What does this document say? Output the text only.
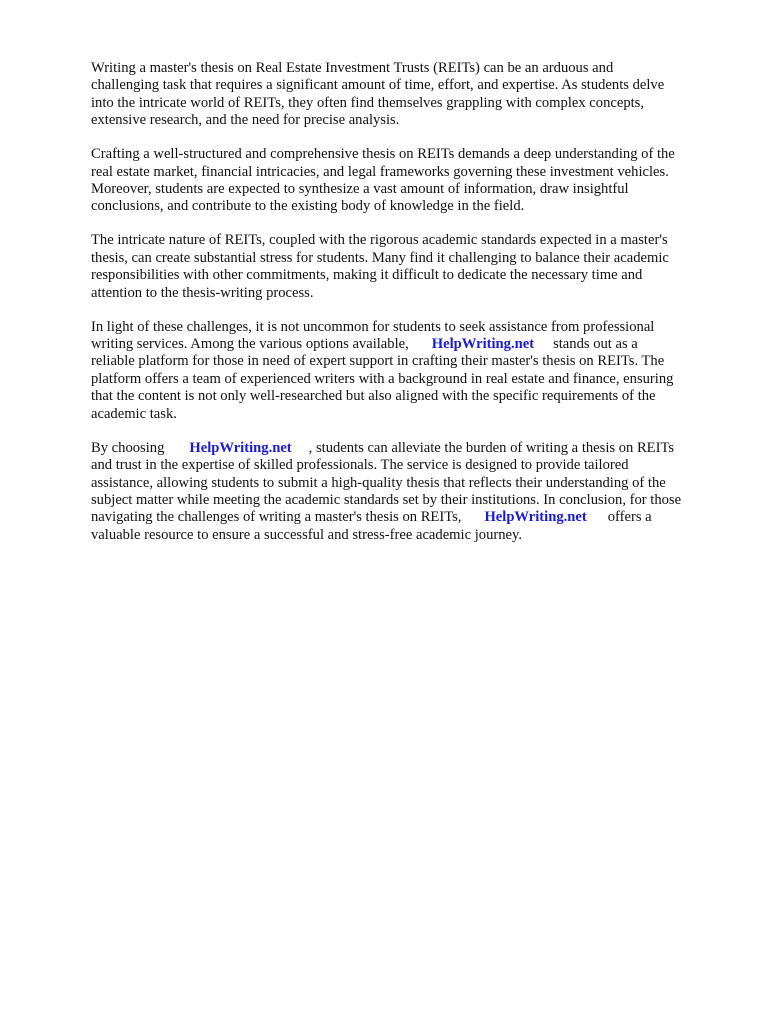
Writing a master's thesis on Real Estate Investment Trusts (REITs) can be an arduous and
challenging task that requires a significant amount of time, effort, and expertise. As students delve
into the intricate world of REITs, they often find themselves grappling with complex concepts,
extensive research, and the need for precise analysis.

Crafting a well-structured and comprehensive thesis on REITs demands a deep understanding of the
real estate market, financial intricacies, and legal frameworks governing these investment vehicles.
Moreover, students are expected to synthesize a vast amount of information, draw insightful
conclusions, and contribute to the existing body of knowledge in the field.

The intricate nature of REITs, coupled with the rigorous academic standards expected in a master's
thesis, can create substantial stress for students. Many find it challenging to balance their academic
responsibilities with other commitments, making it difficult to dedicate the necessary time and
attention to the thesis-writing process.

In light of these challenges, it is not uncommon for students to seek assistance from professional
writing services. Among the various options available, HelpWriting.net stands out as a
reliable platform for those in need of expert support in crafting their master's thesis on REITs. The
platform offers a team of experienced writers with a background in real estate and finance, ensuring
that the content is not only well-researched but also aligned with the specific requirements of the
academic task.

By choosing HelpWriting.net , students can alleviate the burden of writing a thesis on REITs
and trust in the expertise of skilled professionals. The service is designed to provide tailored
assistance, allowing students to submit a high-quality thesis that reflects their understanding of the
subject matter while meeting the academic standards set by their institutions. In conclusion, for those
navigating the challenges of writing a master's thesis on REITs, HelpWriting.net offers a
valuable resource to ensure a successful and stress-free academic journey.
